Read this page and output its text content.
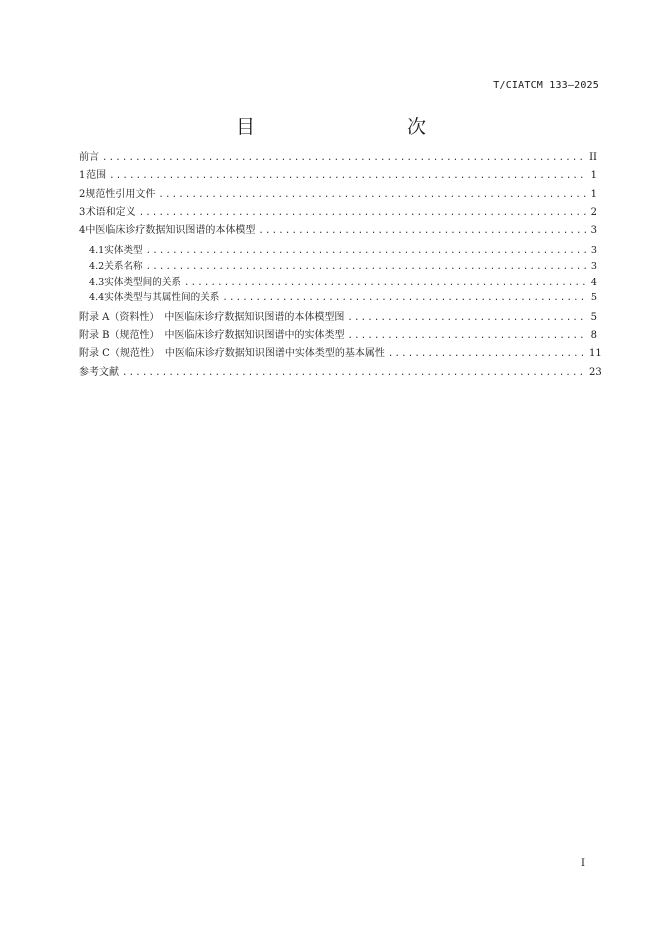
T/CIATCM 133—2025
目　　次
前言 .....	II
1 范围 .....	1
2 规范性引用文件 .....	1
3 术语和定义 .....	2
4 中医临床诊疗数据知识图谱的本体模型 .....	3
4.1 实体类型 .....	3
4.2 关系名称 .....	3
4.3 实体类型间的关系 .....	4
4.4 实体类型与其属性间的关系 .....	5
附录 A（资料性）　中医临床诊疗数据知识图谱的本体模型图 .....	5
附录 B（规范性）　中医临床诊疗数据知识图谱中的实体类型 .....	8
附录 C（规范性）　中医临床诊疗数据知识图谱中实体类型的基本属性 .....	11
参考文献 .....	23
I
